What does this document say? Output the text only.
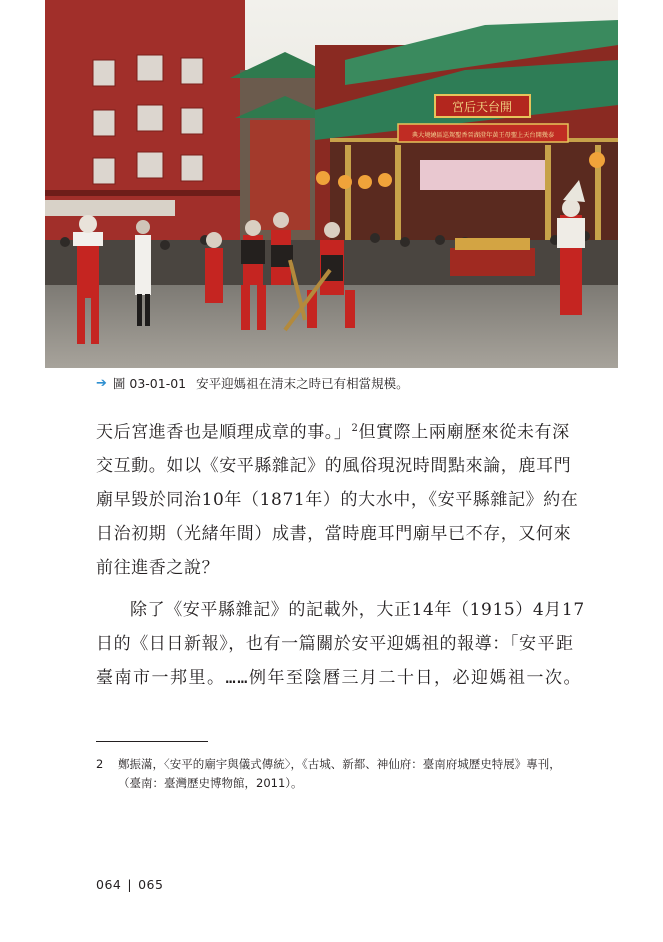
宮后天台開
典大境繞區巡駕聖香晉湖澄年黃王母聖上天台開幾泰
➔ 圖 03-01-01 安平迎媽祖在清末之時已有相當規模。
天后宮進香也是順理成章的事。」$^2$但實際上兩廟歷來從未有深
交互動。如以《安平縣雜記》的風俗現況時間點來論，鹿耳門
廟早毀於同治10年（1871年）的大水中，《安平縣雜記》約在
日治初期（光緒年間）成書，當時鹿耳門廟早已不存，又何來
前往進香之說？
除了《安平縣雜記》的記載外，大正14年（1915）4月17
日的《日日新報》，也有一篇關於安平迎媽祖的報導：「安平距
臺南市一邦里。……例年至陰曆三月二十日，必迎媽祖一次。
2 鄭振滿，〈安平的廟宇與儀式傳統〉，《古城、新都、神仙府：臺南府城歷史特展》專刊，（臺南：臺灣歷史博物館，2011）。
064 | 065
